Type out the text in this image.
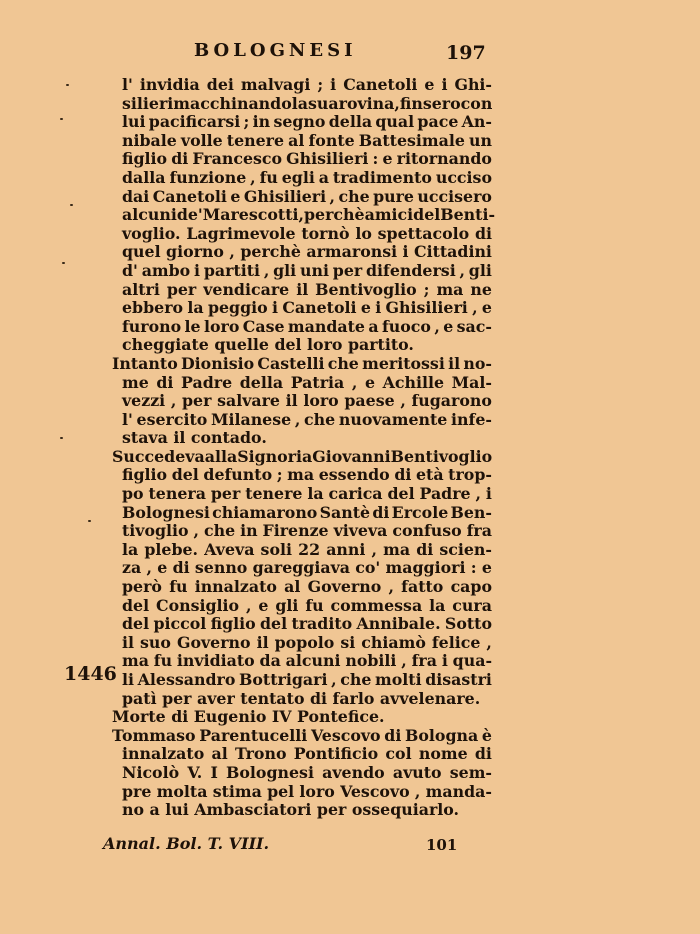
BOLOGNESI	197
1446
l' invidia dei malvagi ; i Canetoli e i Ghi-
silieri macchinando la sua rovina, finsero con
lui pacificarsi ; in segno della qual pace An-
nibale volle tenere al fonte Battesimale un
figlio di Francesco Ghisilieri : e ritornando
dalla funzione , fu egli a tradimento ucciso
dai Canetoli e Ghisilieri , che pure uccisero
alcuni de'Marescotti, perchè amici del Benti-
voglio. Lagrimevole tornò lo spettacolo di
quel giorno , perchè armaronsi i Cittadini
d' ambo i partiti , gli uni per difendersi , gli
altri per vendicare il Bentivoglio ; ma ne
ebbero la peggio i Canetoli e i Ghisilieri , e
furono le loro Case mandate a fuoco , e sac-
cheggiate quelle del loro partito.
Intanto Dionisio Castelli che meritossi il no-
me di Padre della Patria , e Achille Mal-
vezzi , per salvare il loro paese , fugarono
l' esercito Milanese , che nuovamente infe-
stava il contado.
Succedeva alla Signoria Giovanni Bentivoglio
figlio del defunto ; ma essendo di età trop-
po tenera per tenere la carica del Padre , i
Bolognesi chiamarono Santè di Ercole Ben-
tivoglio , che in Firenze viveva confuso fra
la plebe. Aveva soli 22 anni , ma di scien-
za , e di senno gareggiava co' maggiori : e
però fu innalzato al Governo , fatto capo
del Consiglio , e gli fu commessa la cura
del piccol figlio del tradito Annibale. Sotto
il suo Governo il popolo si chiamò felice ,
ma fu invidiato da alcuni nobili , fra i qua-
li Alessandro Bottrigari , che molti disastri
patì per aver tentato di farlo avvelenare.
Morte di Eugenio IV Pontefice.
Tommaso Parentucelli Vescovo di Bologna è
innalzato al Trono Pontificio col nome di
Nicolò V. I Bolognesi avendo avuto sem-
pre molta stima pel loro Vescovo , manda-
no a lui Ambasciatori per ossequiarlo.
Annal. Bol. T. VIII.	101
